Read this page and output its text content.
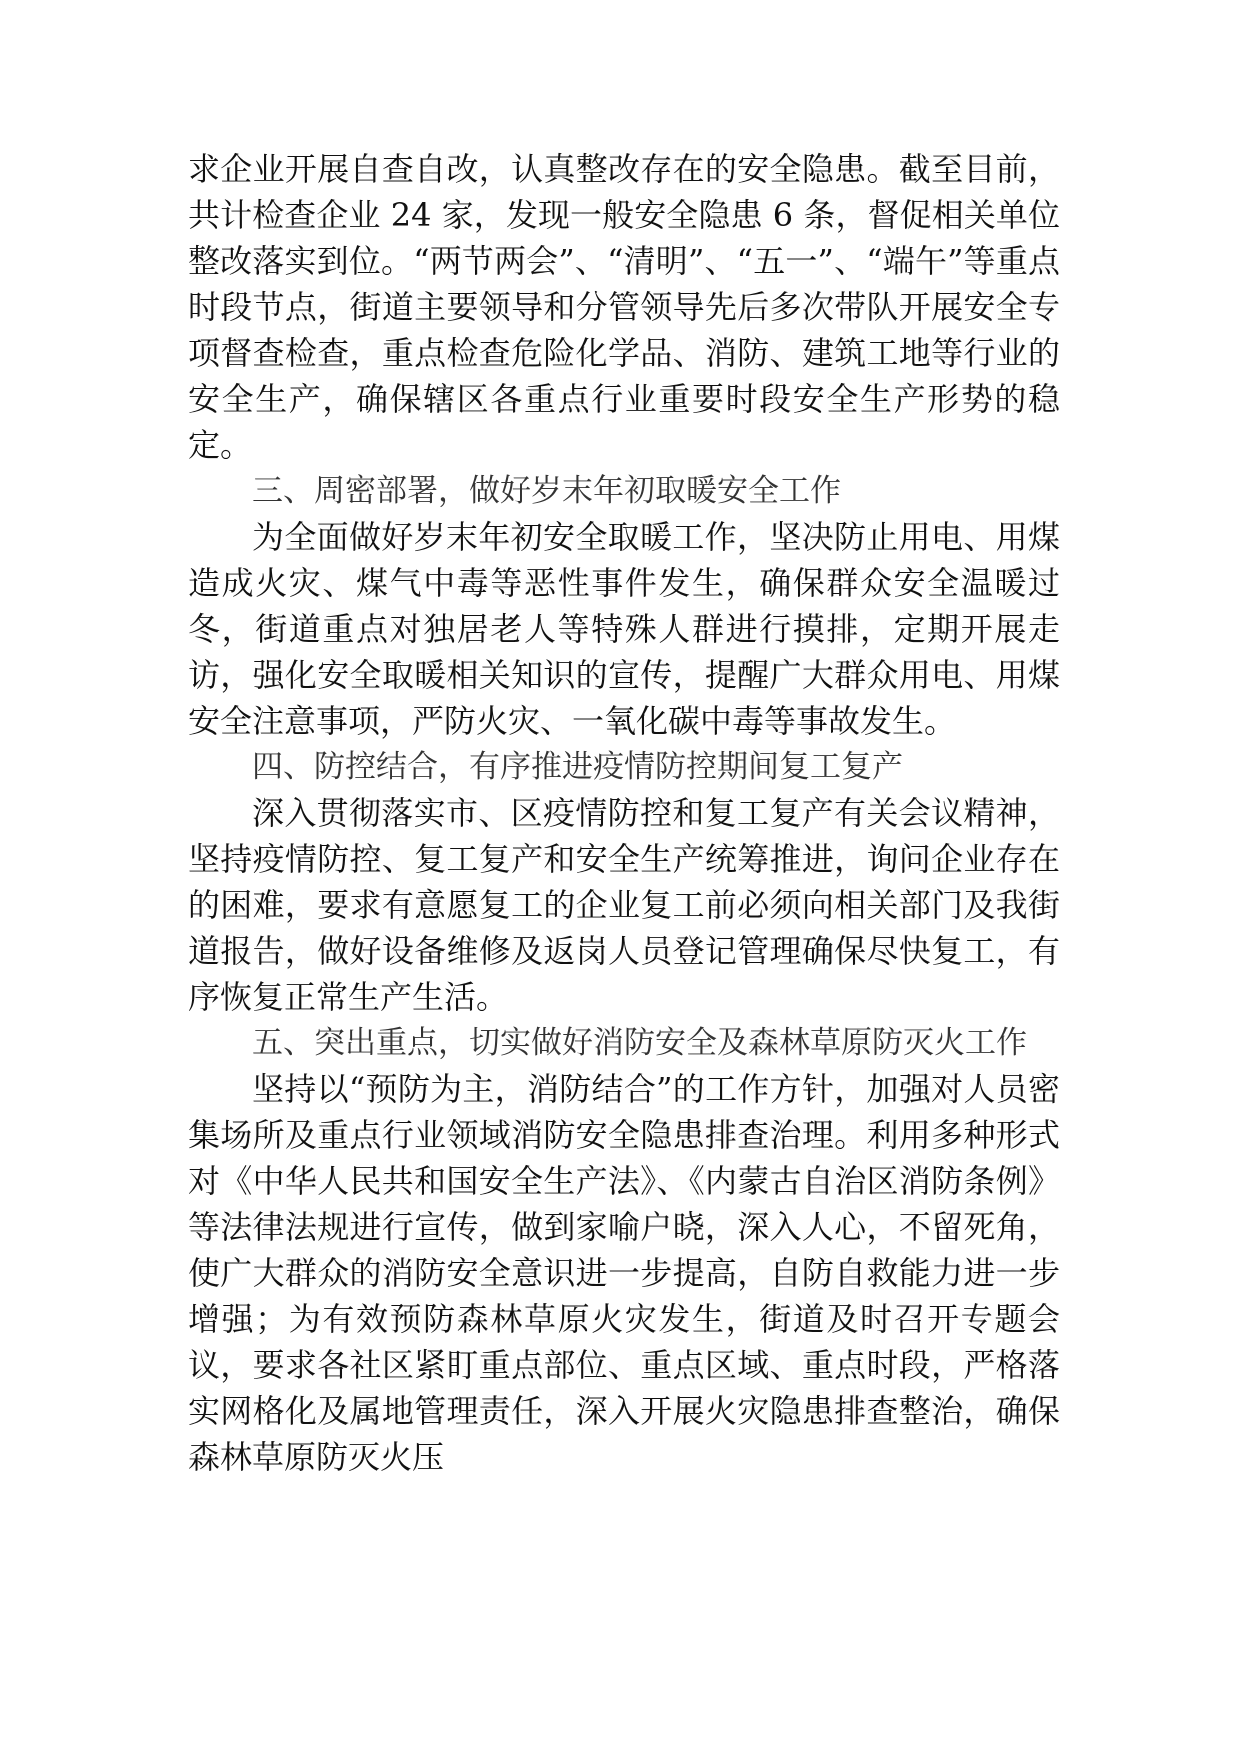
求企业开展自查自改，认真整改存在的安全隐患。截至目前，共计检查企业 24 家，发现一般安全隐患 6 条，督促相关单位整改落实到位。“两节两会”、“清明”、“五一”、“端午”等重点时段节点，街道主要领导和分管领导先后多次带队开展安全专项督查检查，重点检查危险化学品、消防、建筑工地等行业的安全生产，确保辖区各重点行业重要时段安全生产形势的稳定。

三、周密部署，做好岁末年初取暖安全工作

为全面做好岁末年初安全取暖工作，坚决防止用电、用煤造成火灾、煤气中毒等恶性事件发生，确保群众安全温暖过冬，街道重点对独居老人等特殊人群进行摸排，定期开展走访，强化安全取暖相关知识的宣传，提醒广大群众用电、用煤安全注意事项，严防火灾、一氧化碳中毒等事故发生。

四、防控结合，有序推进疫情防控期间复工复产

深入贯彻落实市、区疫情防控和复工复产有关会议精神，坚持疫情防控、复工复产和安全生产统筹推进，询问企业存在的困难，要求有意愿复工的企业复工前必须向相关部门及我街道报告，做好设备维修及返岗人员登记管理确保尽快复工，有序恢复正常生产生活。

五、突出重点，切实做好消防安全及森林草原防灭火工作

坚持以“预防为主，消防结合”的工作方针，加强对人员密集场所及重点行业领域消防安全隐患排查治理。利用多种形式对《中华人民共和国安全生产法》、《内蒙古自治区消防条例》等法律法规进行宣传，做到家喻户晓，深入人心，不留死角，使广大群众的消防安全意识进一步提高，自防自救能力进一步增强；为有效预防森林草原火灾发生，街道及时召开专题会议，要求各社区紧盯重点部位、重点区域、重点时段，严格落实网格化及属地管理责任，深入开展火灾隐患排查整治，确保森林草原防灭火压
